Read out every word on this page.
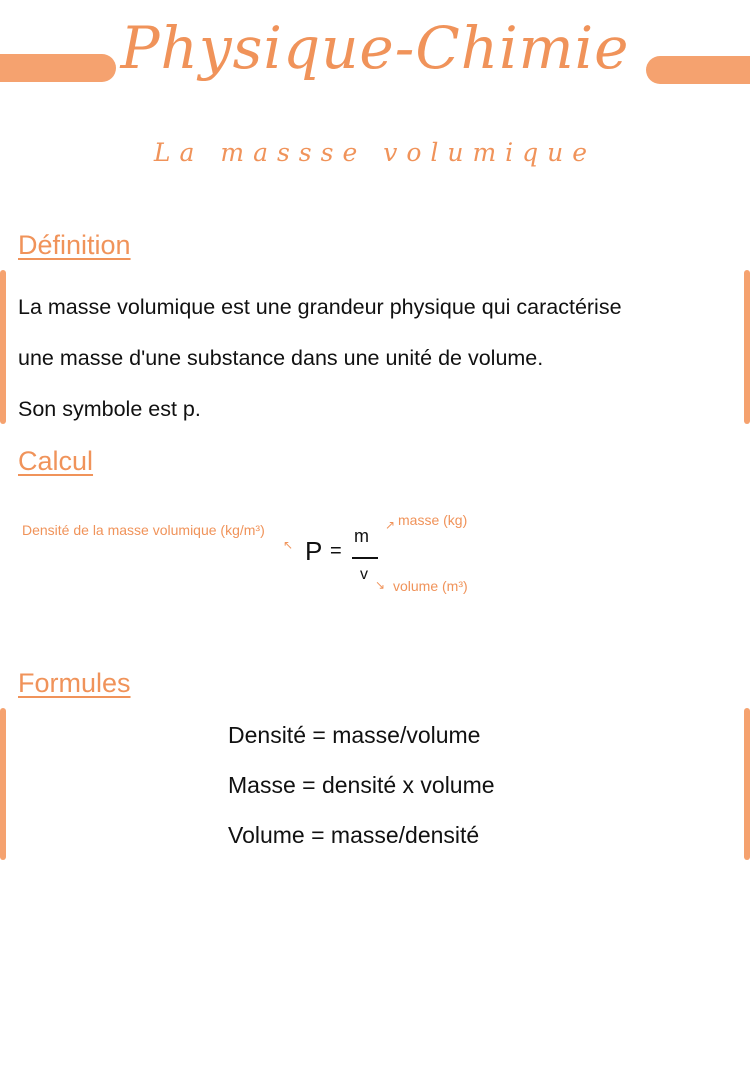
Physique-Chimie
La massse volumique
Définition
La masse volumique est une grandeur physique qui caractérise
une masse d'une substance dans une unité de volume.
Son symbole est p.
Calcul
Densité de la masse volumique (kg/m³)
↖ P =
m
v
↗ masse (kg)
↘ volume (m³)
Formules
Densité = masse/volume
Masse = densité x volume
Volume = masse/densité
